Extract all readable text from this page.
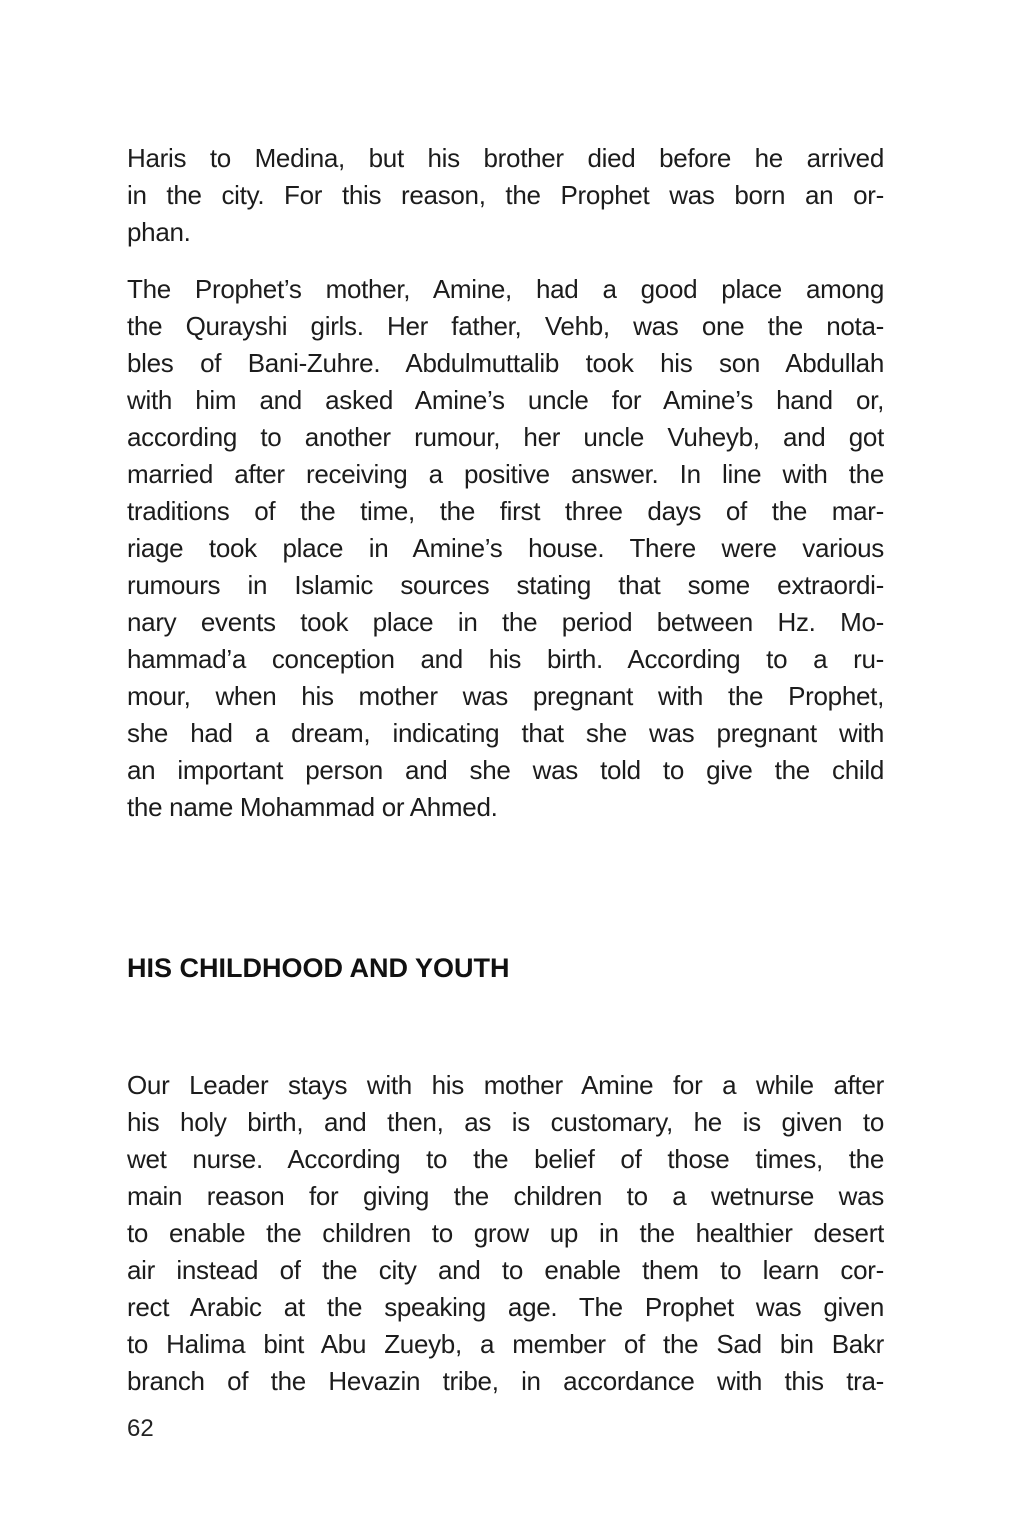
Haris to Medina, but his brother died before he arrived
in the city. For this reason, the Prophet was born an or-
phan.
The Prophet’s mother, Amine, had a good place among
the Qurayshi girls. Her father, Vehb, was one the nota-
bles of Bani-Zuhre. Abdulmuttalib took his son Abdullah
with him and asked Amine’s uncle for Amine’s hand or,
according to another rumour, her uncle Vuheyb, and got
married after receiving a positive answer. In line with the
traditions of the time, the first three days of the mar-
riage took place in Amine’s house. There were various
rumours in Islamic sources stating that some extraordi-
nary events took place in the period between Hz. Mo-
hammad’a conception and his birth. According to a ru-
mour, when his mother was pregnant with the Prophet,
she had a dream, indicating that she was pregnant with
an important person and she was told to give the child
the name Mohammad or Ahmed.
HIS CHILDHOOD AND YOUTH
Our Leader stays with his mother Amine for a while after
his holy birth, and then, as is customary, he is given to
wet nurse. According to the belief of those times, the
main reason for giving the children to a wetnurse was
to enable the children to grow up in the healthier desert
air instead of the city and to enable them to learn cor-
rect Arabic at the speaking age. The Prophet was given
to Halima bint Abu Zueyb, a member of the Sad bin Bakr
branch of the Hevazin tribe, in accordance with this tra-
62
